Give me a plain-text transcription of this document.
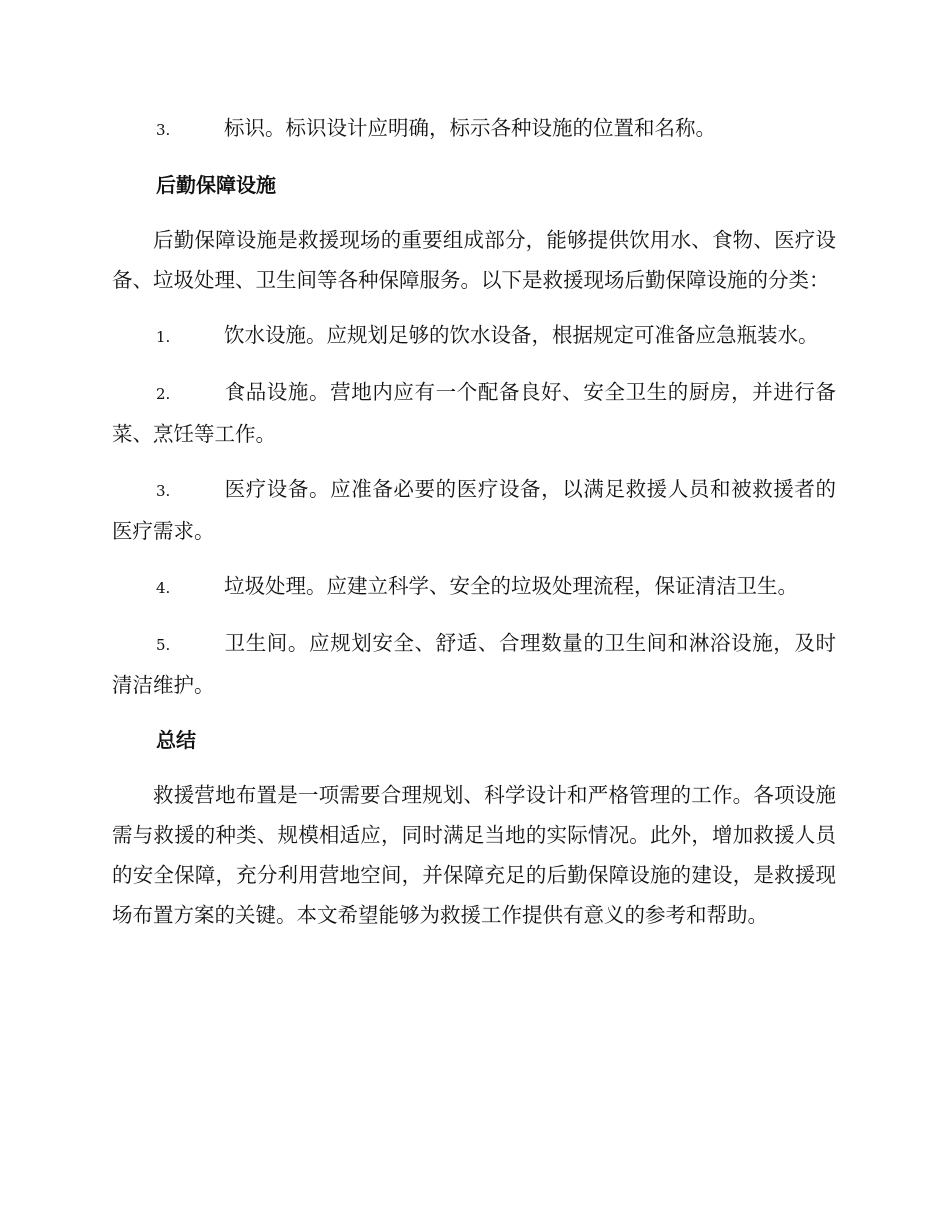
3.	标识。标识设计应明确，标示各种设施的位置和名称。

后勤保障设施

后勤保障设施是救援现场的重要组成部分，能够提供饮用水、食物、医疗设备、垃圾处理、卫生间等各种保障服务。以下是救援现场后勤保障设施的分类：

1.	饮水设施。应规划足够的饮水设备，根据规定可准备应急瓶装水。

2.	食品设施。营地内应有一个配备良好、安全卫生的厨房，并进行备菜、烹饪等工作。

3.	医疗设备。应准备必要的医疗设备，以满足救援人员和被救援者的医疗需求。

4.	垃圾处理。应建立科学、安全的垃圾处理流程，保证清洁卫生。

5.	卫生间。应规划安全、舒适、合理数量的卫生间和淋浴设施，及时清洁维护。

总结

救援营地布置是一项需要合理规划、科学设计和严格管理的工作。各项设施需与救援的种类、规模相适应，同时满足当地的实际情况。此外，增加救援人员的安全保障，充分利用营地空间，并保障充足的后勤保障设施的建设，是救援现场布置方案的关键。本文希望能够为救援工作提供有意义的参考和帮助。
